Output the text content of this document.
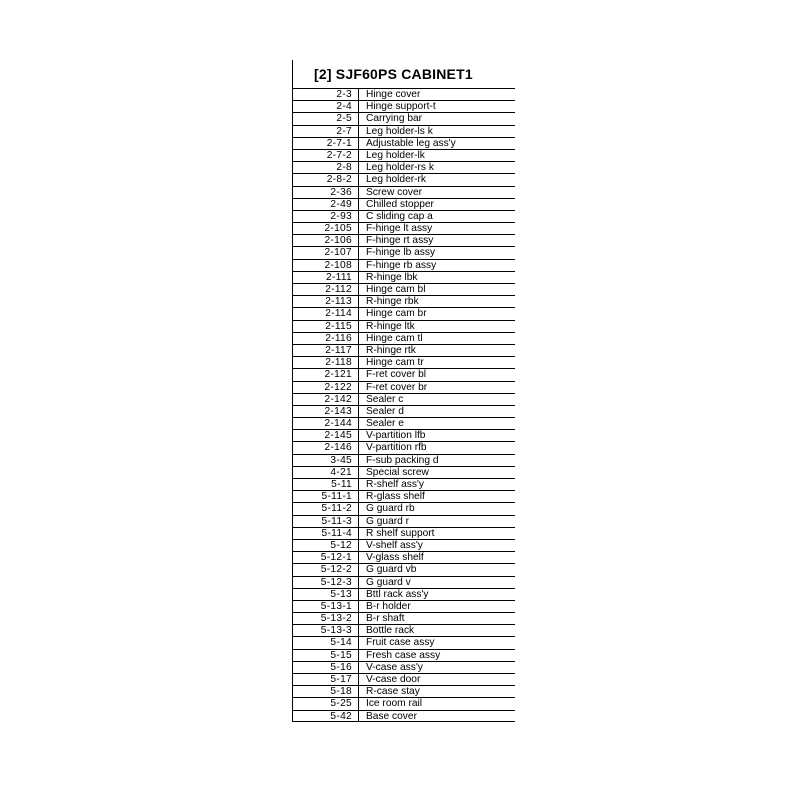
[2] SJF60PS CABINET1
2-3	Hinge cover
2-4	Hinge support-t
2-5	Carrying bar
2-7	Leg holder-ls k
2-7-1	Adjustable leg ass'y
2-7-2	Leg holder-lk
2-8	Leg holder-rs k
2-8-2	Leg holder-rk
2-36	Screw cover
2-49	Chilled stopper
2-93	C sliding cap a
2-105	F-hinge lt assy
2-106	F-hinge rt assy
2-107	F-hinge lb assy
2-108	F-hinge rb assy
2-111	R-hinge lbk
2-112	Hinge cam bl
2-113	R-hinge rbk
2-114	Hinge cam br
2-115	R-hinge ltk
2-116	Hinge cam tl
2-117	R-hinge rtk
2-118	Hinge cam tr
2-121	F-ret cover bl
2-122	F-ret cover br
2-142	Sealer c
2-143	Sealer d
2-144	Sealer e
2-145	V-partition lfb
2-146	V-partition rfb
3-45	F-sub packing d
4-21	Special screw
5-11	R-shelf ass'y
5-11-1	R-glass shelf
5-11-2	G guard rb
5-11-3	G guard r
5-11-4	R shelf support
5-12	V-shelf ass'y
5-12-1	V-glass shelf
5-12-2	G guard vb
5-12-3	G guard v
5-13	Bttl rack ass'y
5-13-1	B-r holder
5-13-2	B-r shaft
5-13-3	Bottle rack
5-14	Fruit case assy
5-15	Fresh case assy
5-16	V-case ass'y
5-17	V-case door
5-18	R-case stay
5-25	Ice room rail
5-42	Base cover
